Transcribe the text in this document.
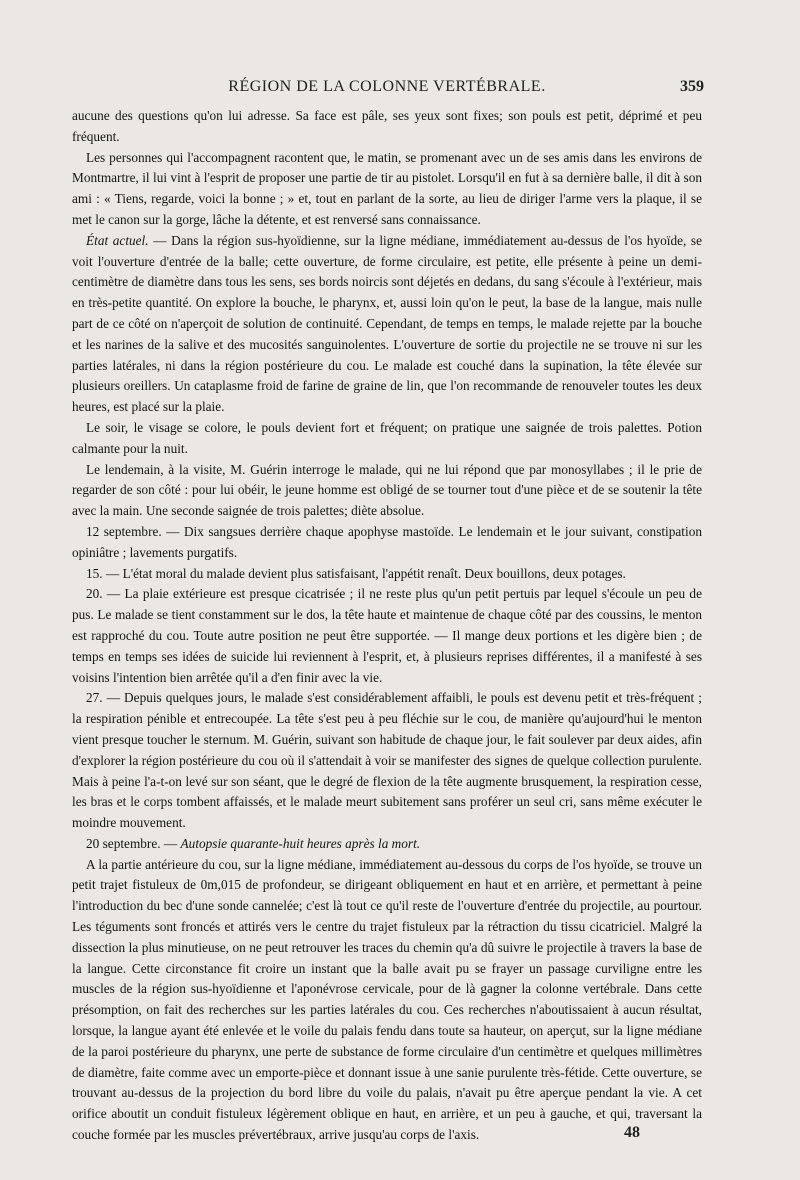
RÉGION DE LA COLONNE VERTÉBRALE.	359

aucune des questions qu'on lui adresse. Sa face est pâle, ses yeux sont fixes; son pouls est petit, déprimé et peu fréquent.

Les personnes qui l'accompagnent racontent que, le matin, se promenant avec un de ses amis dans les environs de Montmartre, il lui vint à l'esprit de proposer une partie de tir au pistolet. Lorsqu'il en fut à sa dernière balle, il dit à son ami : « Tiens, regarde, voici la bonne ; » et, tout en parlant de la sorte, au lieu de diriger l'arme vers la plaque, il se met le canon sur la gorge, lâche la détente, et est renversé sans connaissance.

État actuel. — Dans la région sus-hyoïdienne, sur la ligne médiane, immédiatement au-dessus de l'os hyoïde, se voit l'ouverture d'entrée de la balle; cette ouverture, de forme circulaire, est petite, elle présente à peine un demi-centimètre de diamètre dans tous les sens, ses bords noircis sont déjetés en dedans, du sang s'écoule à l'extérieur, mais en très-petite quantité. On explore la bouche, le pharynx, et, aussi loin qu'on le peut, la base de la langue, mais nulle part de ce côté on n'aperçoit de solution de continuité. Cependant, de temps en temps, le malade rejette par la bouche et les narines de la salive et des mucosités sanguinolentes. L'ouverture de sortie du projectile ne se trouve ni sur les parties latérales, ni dans la région postérieure du cou. Le malade est couché dans la supination, la tête élevée sur plusieurs oreillers. Un cataplasme froid de farine de graine de lin, que l'on recommande de renouveler toutes les deux heures, est placé sur la plaie.

Le soir, le visage se colore, le pouls devient fort et fréquent; on pratique une saignée de trois palettes. Potion calmante pour la nuit.

Le lendemain, à la visite, M. Guérin interroge le malade, qui ne lui répond que par monosyllabes ; il le prie de regarder de son côté : pour lui obéir, le jeune homme est obligé de se tourner tout d'une pièce et de se soutenir la tête avec la main. Une seconde saignée de trois palettes; diète absolue.

12 septembre. — Dix sangsues derrière chaque apophyse mastoïde. Le lendemain et le jour suivant, constipation opiniâtre ; lavements purgatifs.

15. — L'état moral du malade devient plus satisfaisant, l'appétit renaît. Deux bouillons, deux potages.

20. — La plaie extérieure est presque cicatrisée ; il ne reste plus qu'un petit pertuis par lequel s'écoule un peu de pus. Le malade se tient constamment sur le dos, la tête haute et maintenue de chaque côté par des coussins, le menton est rapproché du cou. Toute autre position ne peut être supportée. — Il mange deux portions et les digère bien ; de temps en temps ses idées de suicide lui reviennent à l'esprit, et, à plusieurs reprises différentes, il a manifesté à ses voisins l'intention bien arrêtée qu'il a d'en finir avec la vie.

27. — Depuis quelques jours, le malade s'est considérablement affaibli, le pouls est devenu petit et très-fréquent ; la respiration pénible et entrecoupée. La tête s'est peu à peu fléchie sur le cou, de manière qu'aujourd'hui le menton vient presque toucher le sternum. M. Guérin, suivant son habitude de chaque jour, le fait soulever par deux aides, afin d'explorer la région postérieure du cou où il s'attendait à voir se manifester des signes de quelque collection purulente. Mais à peine l'a-t-on levé sur son séant, que le degré de flexion de la tête augmente brusquement, la respiration cesse, les bras et le corps tombent affaissés, et le malade meurt subitement sans proférer un seul cri, sans même exécuter le moindre mouvement.

20 septembre. — Autopsie quarante-huit heures après la mort.

A la partie antérieure du cou, sur la ligne médiane, immédiatement au-dessous du corps de l'os hyoïde, se trouve un petit trajet fistuleux de 0m,015 de profondeur, se dirigeant obliquement en haut et en arrière, et permettant à peine l'introduction du bec d'une sonde cannelée; c'est là tout ce qu'il reste de l'ouverture d'entrée du projectile, au pourtour. Les téguments sont froncés et attirés vers le centre du trajet fistuleux par la rétraction du tissu cicatriciel. Malgré la dissection la plus minutieuse, on ne peut retrouver les traces du chemin qu'a dû suivre le projectile à travers la base de la langue. Cette circonstance fit croire un instant que la balle avait pu se frayer un passage curviligne entre les muscles de la région sus-hyoïdienne et l'aponévrose cervicale, pour de là gagner la colonne vertébrale. Dans cette présomption, on fait des recherches sur les parties latérales du cou. Ces recherches n'aboutissaient à aucun résultat, lorsque, la langue ayant été enlevée et le voile du palais fendu dans toute sa hauteur, on aperçut, sur la ligne médiane de la paroi postérieure du pharynx, une perte de substance de forme circulaire d'un centimètre et quelques millimètres de diamètre, faite comme avec un emporte-pièce et donnant issue à une sanie purulente très-fétide. Cette ouverture, se trouvant au-dessus de la projection du bord libre du voile du palais, n'avait pu être aperçue pendant la vie. A cet orifice aboutit un conduit fistuleux légèrement oblique en haut, en arrière, et un peu à gauche, et qui, traversant la couche formée par les muscles prévertébraux, arrive jusqu'au corps de l'axis.	48
